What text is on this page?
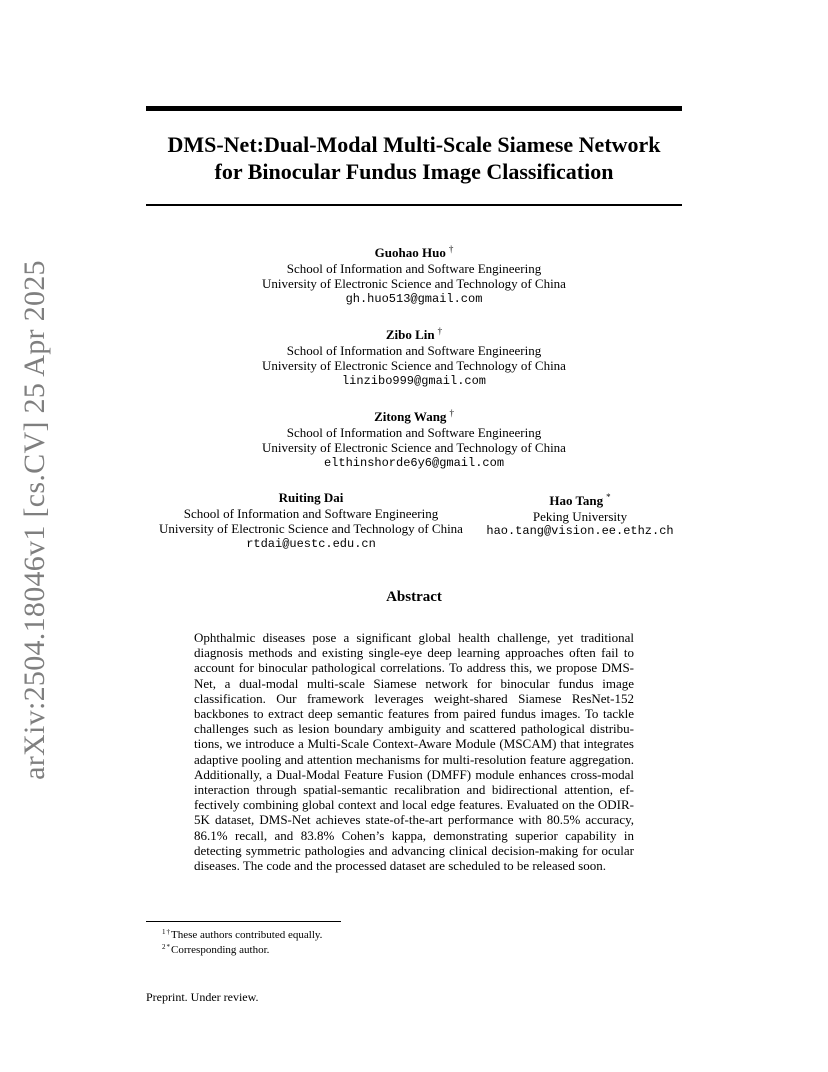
arXiv:2504.18046v1 [cs.CV] 25 Apr 2025
DMS-Net:Dual-Modal Multi-Scale Siamese Network
for Binocular Fundus Image Classification
Guohao Huo †
School of Information and Software Engineering
University of Electronic Science and Technology of China
gh.huo513@gmail.com
Zibo Lin †
School of Information and Software Engineering
University of Electronic Science and Technology of China
linzibo999@gmail.com
Zitong Wang †
School of Information and Software Engineering
University of Electronic Science and Technology of China
elthinshorde6y6@gmail.com
Ruiting Dai
School of Information and Software Engineering
University of Electronic Science and Technology of China
rtdai@uestc.edu.cn
Hao Tang *
Peking University
hao.tang@vision.ee.ethz.ch
Abstract
Ophthalmic diseases pose a significant global health challenge, yet traditional diagnosis methods and existing single-eye deep learning approaches often fail to account for binocular pathological correlations. To address this, we propose DMS-Net, a dual-modal multi-scale Siamese network for binocular fundus image classification. Our framework leverages weight-shared Siamese ResNet-152 backbones to extract deep semantic features from paired fundus images. To tackle challenges such as lesion boundary ambiguity and scattered pathological distributions, we introduce a Multi-Scale Context-Aware Module (MSCAM) that integrates adaptive pooling and attention mechanisms for multi-resolution feature aggregation. Additionally, a Dual-Modal Feature Fusion (DMFF) module enhances cross-modal interaction through spatial-semantic recalibration and bidirectional attention, effectively combining global context and local edge features. Evaluated on the ODIR-5K dataset, DMS-Net achieves state-of-the-art performance with 80.5% accuracy, 86.1% recall, and 83.8% Cohen’s kappa, demonstrating superior capability in detecting symmetric pathologies and advancing clinical decision-making for ocular diseases. The code and the processed dataset are scheduled to be released soon.
$^{1\dagger}$These authors contributed equally.
$^{2*}$Corresponding author.
Preprint. Under review.
